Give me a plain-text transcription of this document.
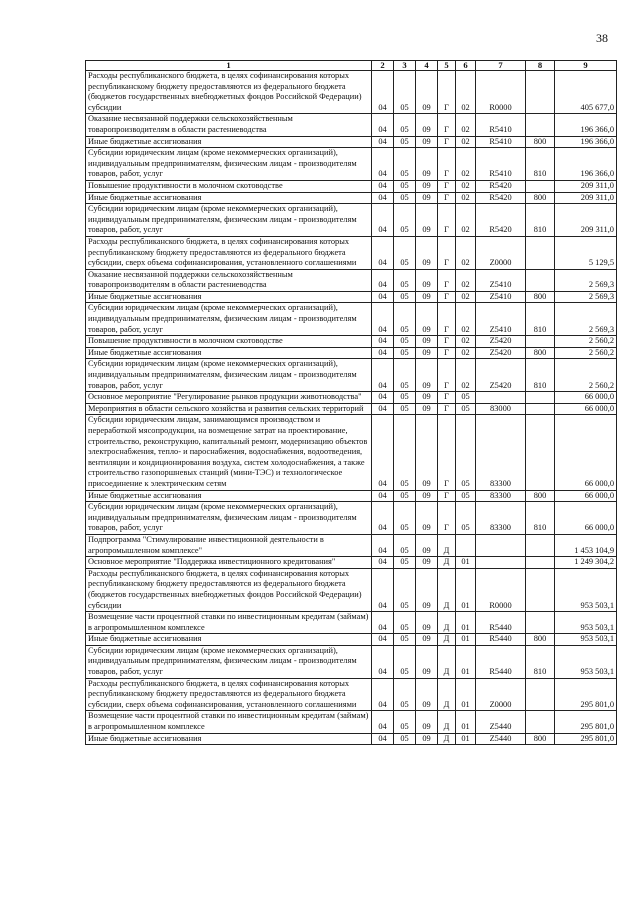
38
1	2	3	4	5	6	7	8	9
Расходы республиканского бюджета, в целях софинансирования которых республиканскому бюджету предоставляются из федерального бюджета (бюджетов государственных внебюджетных фондов Российской Федерации) субсидии	04	05	09	Г	02	R0000		405 677,0
Оказание несвязанной поддержки сельскохозяйственным товаропроизводителям в области растениеводства	04	05	09	Г	02	R5410		196 366,0
Иные бюджетные ассигнования	04	05	09	Г	02	R5410	800	196 366,0
Субсидии юридическим лицам (кроме некоммерческих организаций), индивидуальным предпринимателям, физическим лицам - производителям товаров, работ, услуг	04	05	09	Г	02	R5410	810	196 366,0
Повышение продуктивности в молочном скотоводстве	04	05	09	Г	02	R5420		209 311,0
Иные бюджетные ассигнования	04	05	09	Г	02	R5420	800	209 311,0
Субсидии юридическим лицам (кроме некоммерческих организаций), индивидуальным предпринимателям, физическим лицам - производителям товаров, работ, услуг	04	05	09	Г	02	R5420	810	209 311,0
Расходы республиканского бюджета, в целях софинансирования которых республиканскому бюджету предоставляются из федерального бюджета субсидии, сверх объема софинансирования, установленного соглашениями	04	05	09	Г	02	Z0000		5 129,5
Оказание несвязанной поддержки сельскохозяйственным товаропроизводителям в области растениеводства	04	05	09	Г	02	Z5410		2 569,3
Иные бюджетные ассигнования	04	05	09	Г	02	Z5410	800	2 569,3
Субсидии юридическим лицам (кроме некоммерческих организаций), индивидуальным предпринимателям, физическим лицам - производителям товаров, работ, услуг	04	05	09	Г	02	Z5410	810	2 569,3
Повышение продуктивности в молочном скотоводстве	04	05	09	Г	02	Z5420		2 560,2
Иные бюджетные ассигнования	04	05	09	Г	02	Z5420	800	2 560,2
Субсидии юридическим лицам (кроме некоммерческих организаций), индивидуальным предпринимателям, физическим лицам - производителям товаров, работ, услуг	04	05	09	Г	02	Z5420	810	2 560,2
Основное мероприятие "Регулирование рынков продукции животноводства"	04	05	09	Г	05			66 000,0
Мероприятия в области сельского хозяйства и развития сельских территорий	04	05	09	Г	05	83000		66 000,0
Субсидии юридическим лицам, занимающимся производством и переработкой мясопродукции, на возмещение затрат на проектирование, строительство, реконструкцию, капитальный ремонт, модернизацию объектов электроснабжения, тепло- и пароснабжения, водоснабжения, водоотведения, вентиляции и кондиционирования воздуха, систем холодоснабжения, а также строительство газопоршневых станций (мини-ТЭС) и технологическое присоединение к электрическим сетям	04	05	09	Г	05	83300		66 000,0
Иные бюджетные ассигнования	04	05	09	Г	05	83300	800	66 000,0
Субсидии юридическим лицам (кроме некоммерческих организаций), индивидуальным предпринимателям, физическим лицам - производителям товаров, работ, услуг	04	05	09	Г	05	83300	810	66 000,0
Подпрограмма "Стимулирование инвестиционной деятельности в агропромышленном комплексе"	04	05	09	Д				1 453 104,9
Основное мероприятие "Поддержка инвестиционного кредитования"	04	05	09	Д	01			1 249 304,2
Расходы республиканского бюджета, в целях софинансирования которых республиканскому бюджету предоставляются из федерального бюджета (бюджетов государственных внебюджетных фондов Российской Федерации) субсидии	04	05	09	Д	01	R0000		953 503,1
Возмещение части процентной ставки по инвестиционным кредитам (займам) в агропромышленном комплексе	04	05	09	Д	01	R5440		953 503,1
Иные бюджетные ассигнования	04	05	09	Д	01	R5440	800	953 503,1
Субсидии юридическим лицам (кроме некоммерческих организаций), индивидуальным предпринимателям, физическим лицам - производителям товаров, работ, услуг	04	05	09	Д	01	R5440	810	953 503,1
Расходы республиканского бюджета, в целях софинансирования которых республиканскому бюджету предоставляются из федерального бюджета субсидии, сверх объема софинансирования, установленного соглашениями	04	05	09	Д	01	Z0000		295 801,0
Возмещение части процентной ставки по инвестиционным кредитам (займам) в агропромышленном комплексе	04	05	09	Д	01	Z5440		295 801,0
Иные бюджетные ассигнования	04	05	09	Д	01	Z5440	800	295 801,0
